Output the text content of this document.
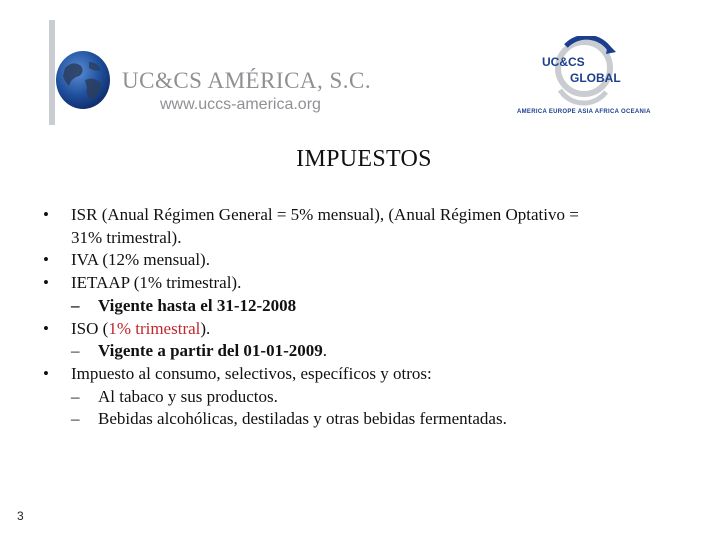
UC&CS AMÉRICA, S.C.
www.uccs-america.org
UC&CS
GLOBAL
AMERICA EUROPE ASIA AFRICA OCEANIA
IMPUESTOS
• ISR (Anual Régimen General = 5% mensual), (Anual Régimen Optativo =
31% trimestral).
• IVA (12% mensual).
• IETAAP (1% trimestral).
– Vigente hasta el 31-12-2008
• ISO (1% trimestral).
– Vigente a partir del 01-01-2009.
• Impuesto al consumo, selectivos, específicos y otros:
– Al tabaco y sus productos.
– Bebidas alcohólicas, destiladas y otras bebidas fermentadas.
3
